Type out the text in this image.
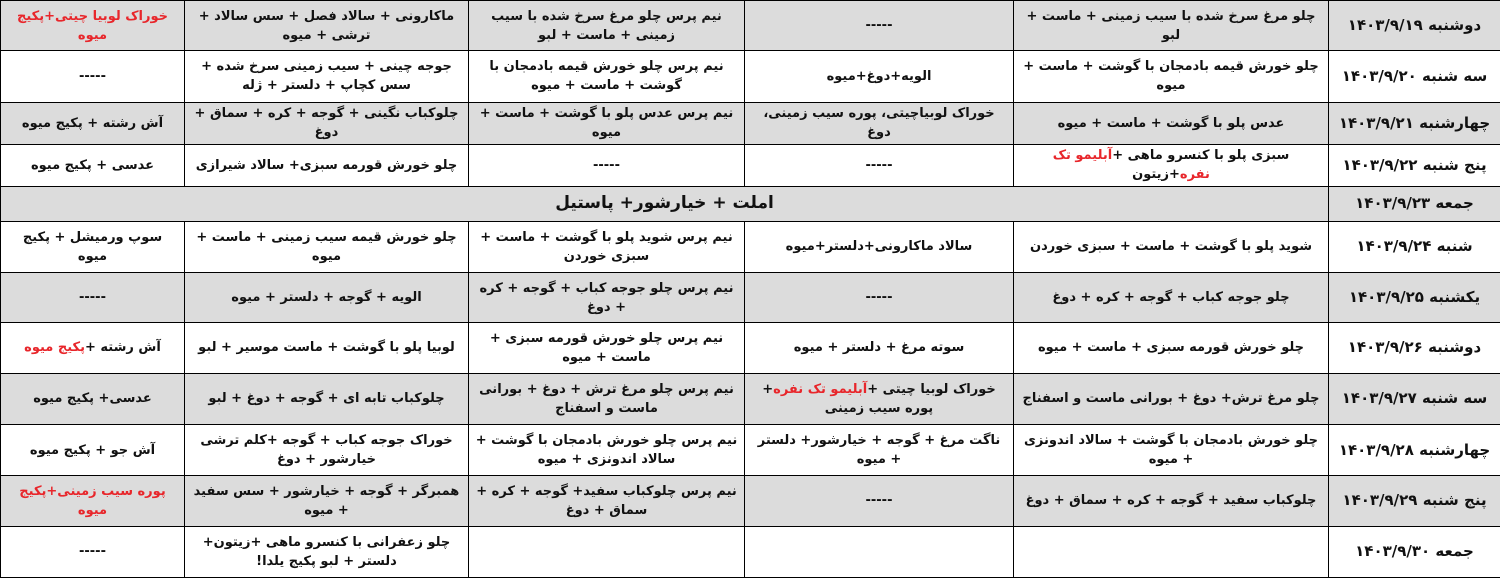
دوشنبه ۱۴۰۳/۹/۱۹	چلو مرغ سرخ شده با سیب زمینی + ماست + لبو	-----	نیم پرس چلو مرغ سرخ شده با سیب زمینی + ماست + لبو	ماکارونی + سالاد فصل + سس سالاد + ترشی + میوه	خوراک لوبیا چیتی+پکیج میوه
سه شنبه ۱۴۰۳/۹/۲۰	چلو خورش قیمه بادمجان با گوشت + ماست + میوه	الویه+دوغ+میوه	نیم پرس چلو خورش قیمه بادمجان با گوشت + ماست + میوه	جوجه چینی + سیب زمینی سرخ شده + سس کچاپ + دلستر + ژله	-----
چهارشنبه ۱۴۰۳/۹/۲۱	عدس پلو با گوشت + ماست + میوه	خوراک لوبیاچیتی، پوره سیب زمینی، دوغ	نیم پرس عدس پلو با گوشت + ماست + میوه	چلوکباب نگینی + گوجه + کره + سماق + دوغ	آش رشته + پکیج میوه
پنج شنبه ۱۴۰۳/۹/۲۲	سبزی پلو با کنسرو ماهی +آبلیمو تک نفره+زیتون	-----	-----	چلو خورش قورمه سبزی+ سالاد شیرازی	عدسی + پکیج میوه
جمعه ۱۴۰۳/۹/۲۳	املت + خیارشور+ پاستیل				
شنبه ۱۴۰۳/۹/۲۴	شوید پلو با گوشت + ماست + سبزی خوردن	سالاد ماکارونی+دلستر+میوه	نیم پرس شوید پلو با گوشت + ماست + سبزی خوردن	چلو خورش قیمه سیب زمینی + ماست + میوه	سوپ ورمیشل + پکیج میوه
یکشنبه ۱۴۰۳/۹/۲۵	چلو جوجه کباب + گوجه + کره + دوغ	-----	نیم پرس چلو جوجه کباب + گوجه + کره + دوغ	الویه + گوجه + دلستر + میوه	-----
دوشنبه ۱۴۰۳/۹/۲۶	چلو خورش قورمه سبزی + ماست + میوه	سوته مرغ + دلستر + میوه	نیم پرس چلو خورش قورمه سبزی + ماست + میوه	لوبیا پلو با گوشت + ماست موسیر + لبو	آش رشته +پکیج میوه
سه شنبه ۱۴۰۳/۹/۲۷	چلو مرغ ترش+ دوغ + بورانی ماست و اسفناج	خوراک لوبیا چیتی +آبلیمو تک نفره+ پوره سیب زمینی	نیم پرس چلو مرغ ترش + دوغ + بورانی ماست و اسفناج	چلوکباب تابه ای + گوجه + دوغ + لبو	عدسی+ پکیج میوه
چهارشنبه ۱۴۰۳/۹/۲۸	چلو خورش بادمجان با گوشت + سالاد اندونزی + میوه	ناگت مرغ + گوجه + خیارشور+ دلستر + میوه	نیم پرس چلو خورش بادمجان با گوشت + سالاد اندونزی + میوه	خوراک جوجه کباب + گوجه +کلم ترشی خیارشور + دوغ	آش جو + پکیج میوه
پنج شنبه ۱۴۰۳/۹/۲۹	چلوکباب سفید + گوجه + کره + سماق + دوغ	-----	نیم پرس چلوکباب سفید+ گوجه + کره + سماق + دوغ	همبرگر + گوجه + خیارشور + سس سفید + میوه	پوره سیب زمینی+پکیج میوه
جمعه ۱۴۰۳/۹/۳۰				چلو زعفرانی با کنسرو ماهی +زیتون+ دلستر + لبو پکیج یلدا!	-----
